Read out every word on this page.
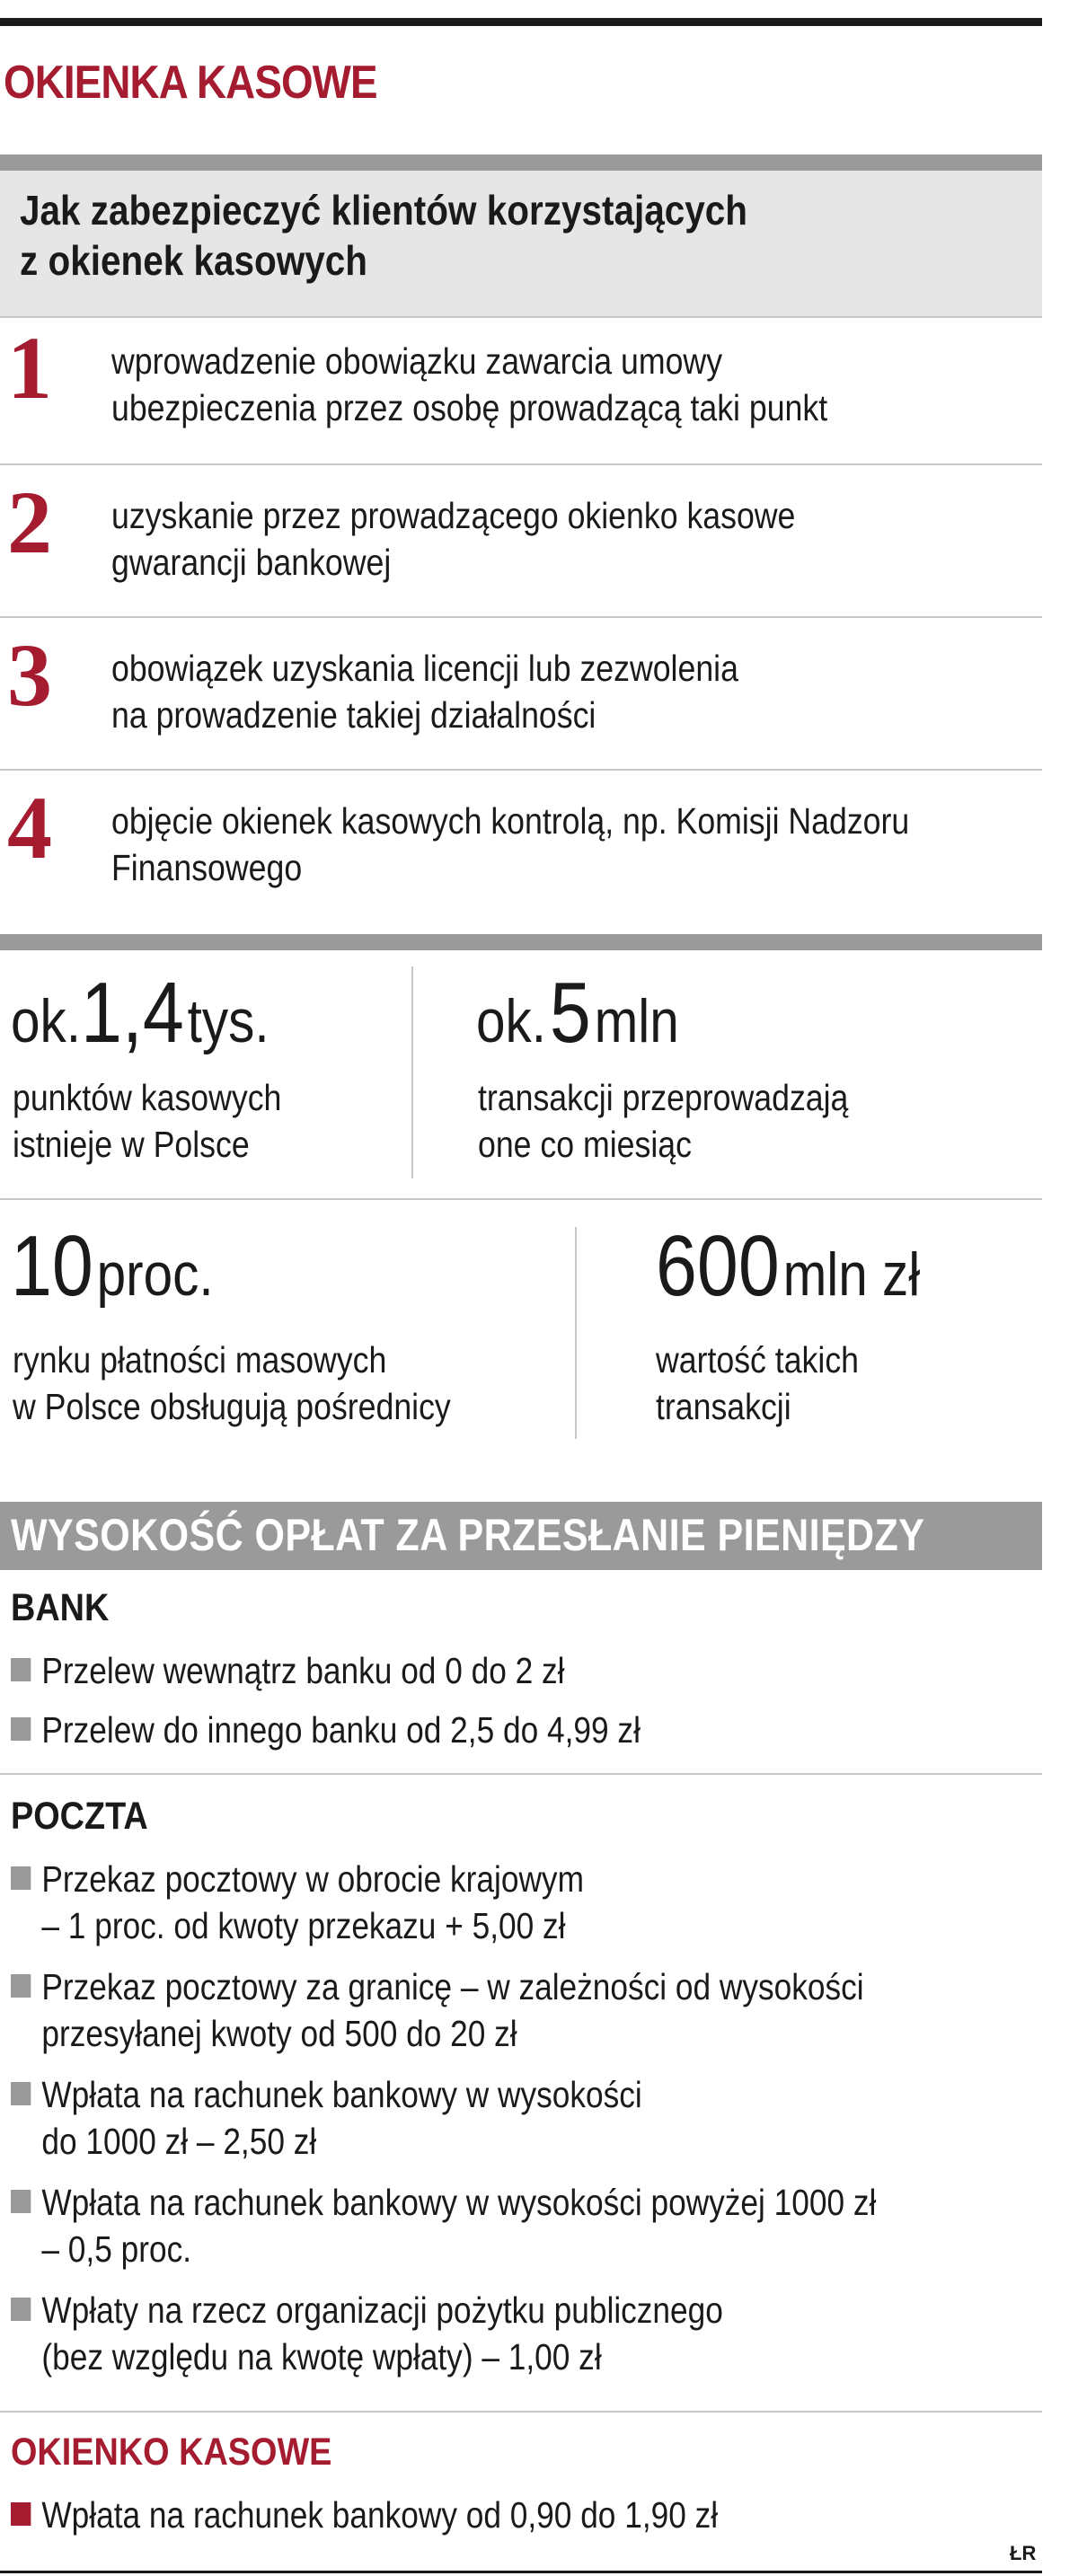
OKIENKA KASOWE
Jak zabezpieczyć klientów korzystających
z okienek kasowych
1 wprowadzenie obowiązku zawarcia umowy
ubezpieczenia przez osobę prowadzącą taki punkt
2 uzyskanie przez prowadzącego okienko kasowe
gwarancji bankowej
3 obowiązek uzyskania licencji lub zezwolenia
na prowadzenie takiej działalności
4 objęcie okienek kasowych kontrolą, np. Komisji Nadzoru
Finansowego
ok.1,4 tys.
punktów kasowych
istnieje w Polsce
ok. 5 mln
transakcji przeprowadzają
one co miesiąc
10 proc.
rynku płatności masowych
w Polsce obsługują pośrednicy
600 mln zł
wartość takich
transakcji
WYSOKOŚĆ OPŁAT ZA PRZESŁANIE PIENIĘDZY
BANK
Przelew wewnątrz banku od 0 do 2 zł
Przelew do innego banku od 2,5 do 4,99 zł
POCZTA
Przekaz pocztowy w obrocie krajowym
– 1 proc. od kwoty przekazu + 5,00 zł
Przekaz pocztowy za granicę – w zależności od wysokości
przesyłanej kwoty od 500 do 20 zł
Wpłata na rachunek bankowy w wysokości
do 1000 zł – 2,50 zł
Wpłata na rachunek bankowy w wysokości powyżej 1000 zł
– 0,5 proc.
Wpłaty na rzecz organizacji pożytku publicznego
(bez względu na kwotę wpłaty) – 1,00 zł
OKIENKO KASOWE
Wpłata na rachunek bankowy od 0,90 do 1,90 zł
ŁR
